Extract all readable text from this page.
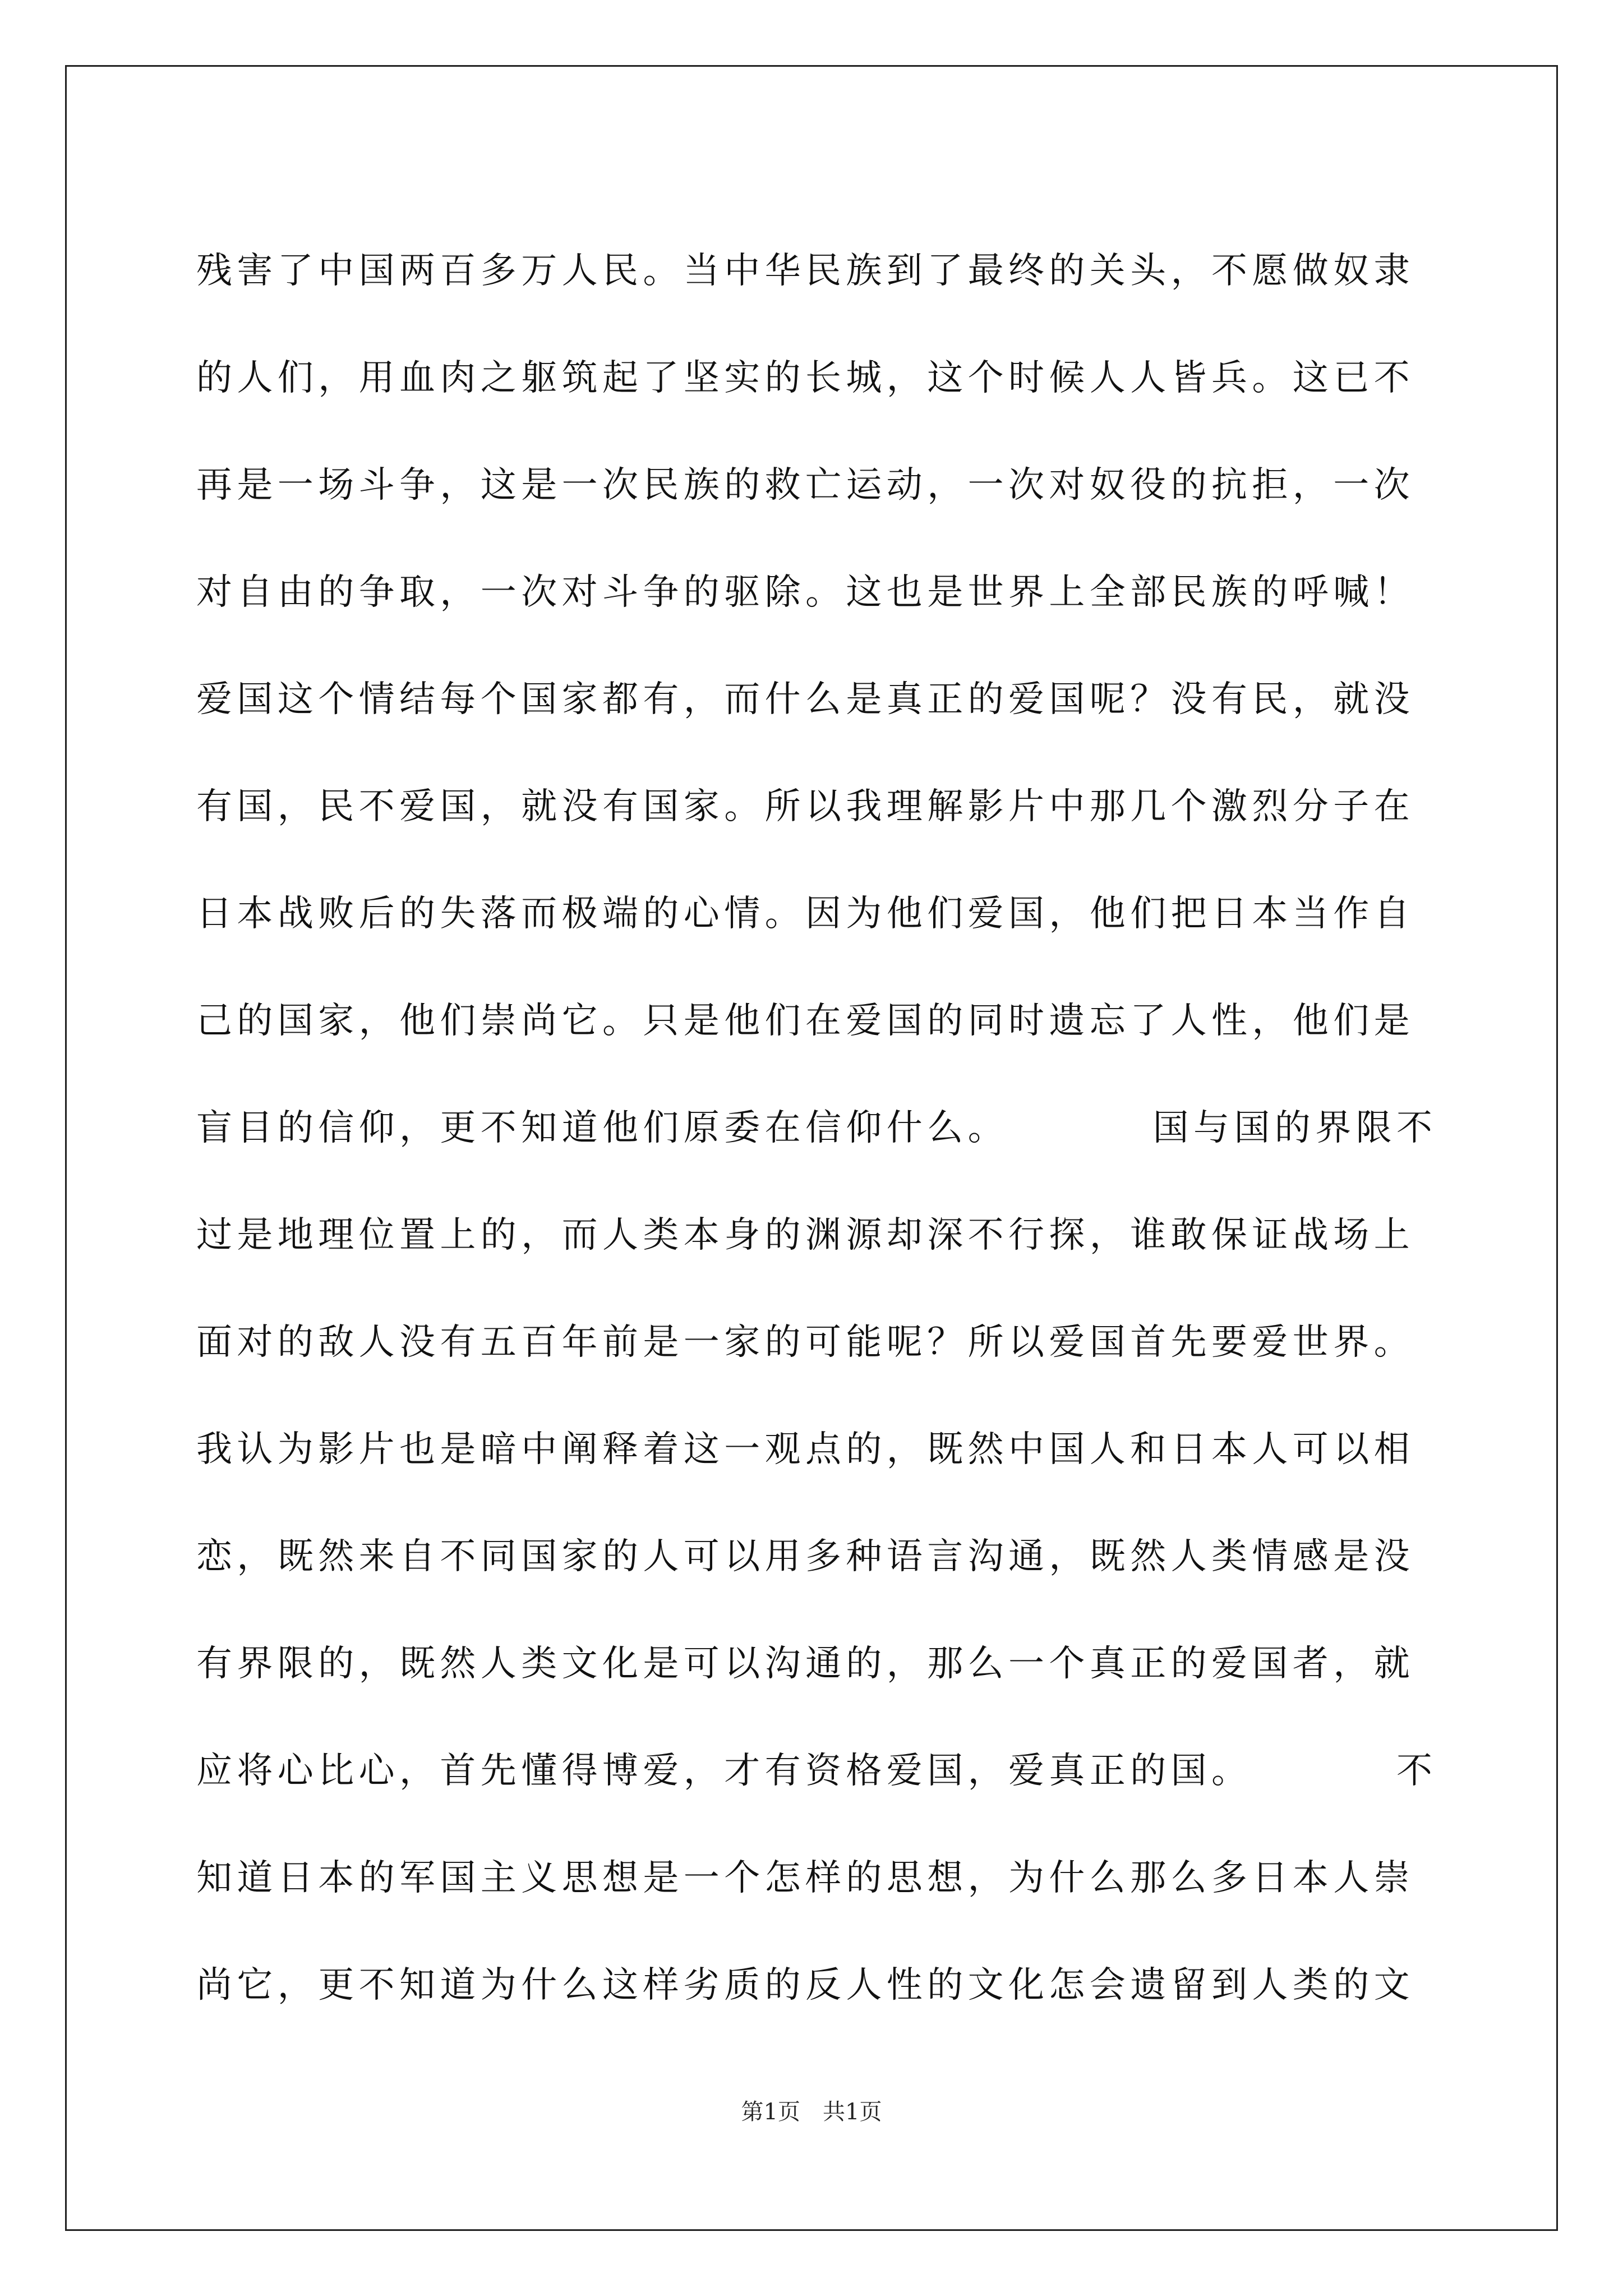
残害了中国两百多万人民。当中华民族到了最终的关头，不愿做奴隶
的人们，用血肉之躯筑起了坚实的长城，这个时候人人皆兵。这已不
再是一场斗争，这是一次民族的救亡运动，一次对奴役的抗拒，一次
对自由的争取，一次对斗争的驱除。这也是世界上全部民族的呼喊！
爱国这个情结每个国家都有，而什么是真正的爱国呢？没有民，就没
有国，民不爱国，就没有国家。所以我理解影片中那几个激烈分子在
日本战败后的失落而极端的心情。因为他们爱国，他们把日本当作自
己的国家，他们崇尚它。只是他们在爱国的同时遗忘了人性，他们是
盲目的信仰，更不知道他们原委在信仰什么。　　　　国与国的界限不
过是地理位置上的，而人类本身的渊源却深不行探，谁敢保证战场上
面对的敌人没有五百年前是一家的可能呢？所以爱国首先要爱世界。
我认为影片也是暗中阐释着这一观点的，既然中国人和日本人可以相
恋，既然来自不同国家的人可以用多种语言沟通，既然人类情感是没
有界限的，既然人类文化是可以沟通的，那么一个真正的爱国者，就
应将心比心，首先懂得博爱，才有资格爱国，爱真正的国。　　　　不
知道日本的军国主义思想是一个怎样的思想，为什么那么多日本人崇
尚它，更不知道为什么这样劣质的反人性的文化怎会遗留到人类的文
第1页　共1页
